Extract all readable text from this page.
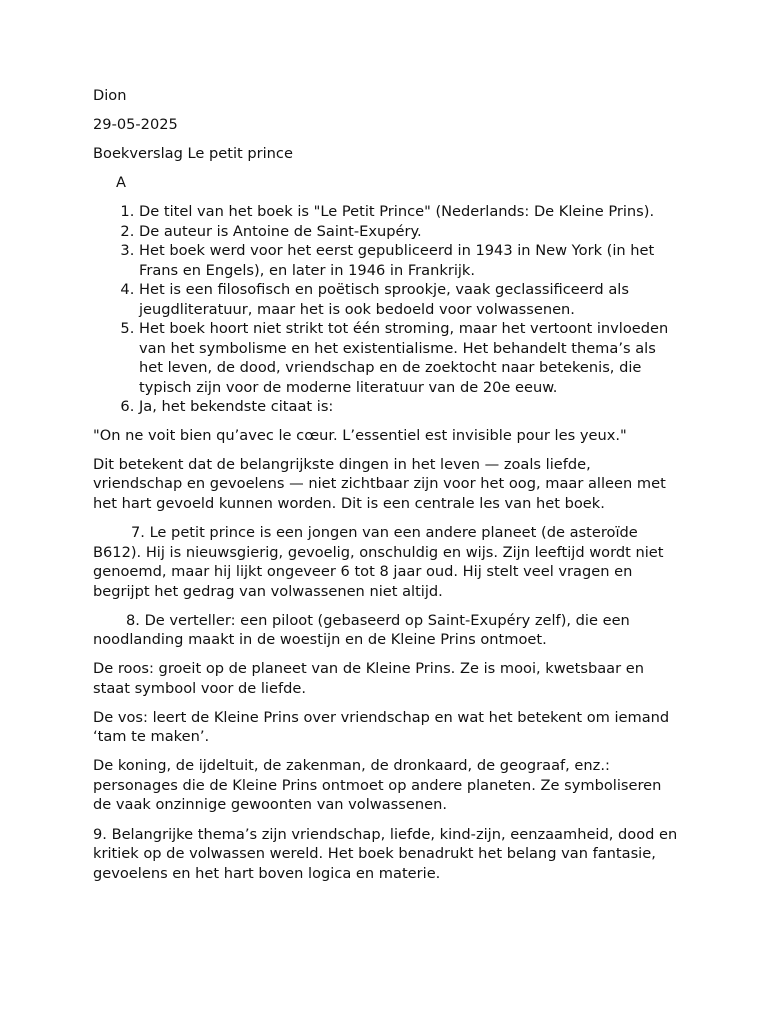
Dion

29-05-2025

Boekverslag Le petit prince

A

1. De titel van het boek is "Le Petit Prince" (Nederlands: De Kleine Prins).
2. De auteur is Antoine de Saint-Exupéry.
3. Het boek werd voor het eerst gepubliceerd in 1943 in New York (in het Frans en Engels), en later in 1946 in Frankrijk.
4. Het is een filosofisch en poëtisch sprookje, vaak geclassificeerd als jeugdliteratuur, maar het is ook bedoeld voor volwassenen.
5. Het boek hoort niet strikt tot één stroming, maar het vertoont invloeden van het symbolisme en het existentialisme. Het behandelt thema’s als het leven, de dood, vriendschap en de zoektocht naar betekenis, die typisch zijn voor de moderne literatuur van de 20e eeuw.
6. Ja, het bekendste citaat is:

"On ne voit bien qu’avec le cœur. L’essentiel est invisible pour les yeux."

Dit betekent dat de belangrijkste dingen in het leven — zoals liefde, vriendschap en gevoelens — niet zichtbaar zijn voor het oog, maar alleen met het hart gevoeld kunnen worden. Dit is een centrale les van het boek.

7. Le petit prince is een jongen van een andere planeet (de asteroïde B612). Hij is nieuwsgierig, gevoelig, onschuldig en wijs. Zijn leeftijd wordt niet genoemd, maar hij lijkt ongeveer 6 tot 8 jaar oud. Hij stelt veel vragen en begrijpt het gedrag van volwassenen niet altijd.

8. De verteller: een piloot (gebaseerd op Saint-Exupéry zelf), die een noodlanding maakt in de woestijn en de Kleine Prins ontmoet.

De roos: groeit op de planeet van de Kleine Prins. Ze is mooi, kwetsbaar en staat symbool voor de liefde.

De vos: leert de Kleine Prins over vriendschap en wat het betekent om iemand ‘tam te maken’.

De koning, de ijdeltuit, de zakenman, de dronkaard, de geograaf, enz.: personages die de Kleine Prins ontmoet op andere planeten. Ze symboliseren de vaak onzinnige gewoonten van volwassenen.

9. Belangrijke thema’s zijn vriendschap, liefde, kind-zijn, eenzaamheid, dood en kritiek op de volwassen wereld. Het boek benadrukt het belang van fantasie, gevoelens en het hart boven logica en materie.
